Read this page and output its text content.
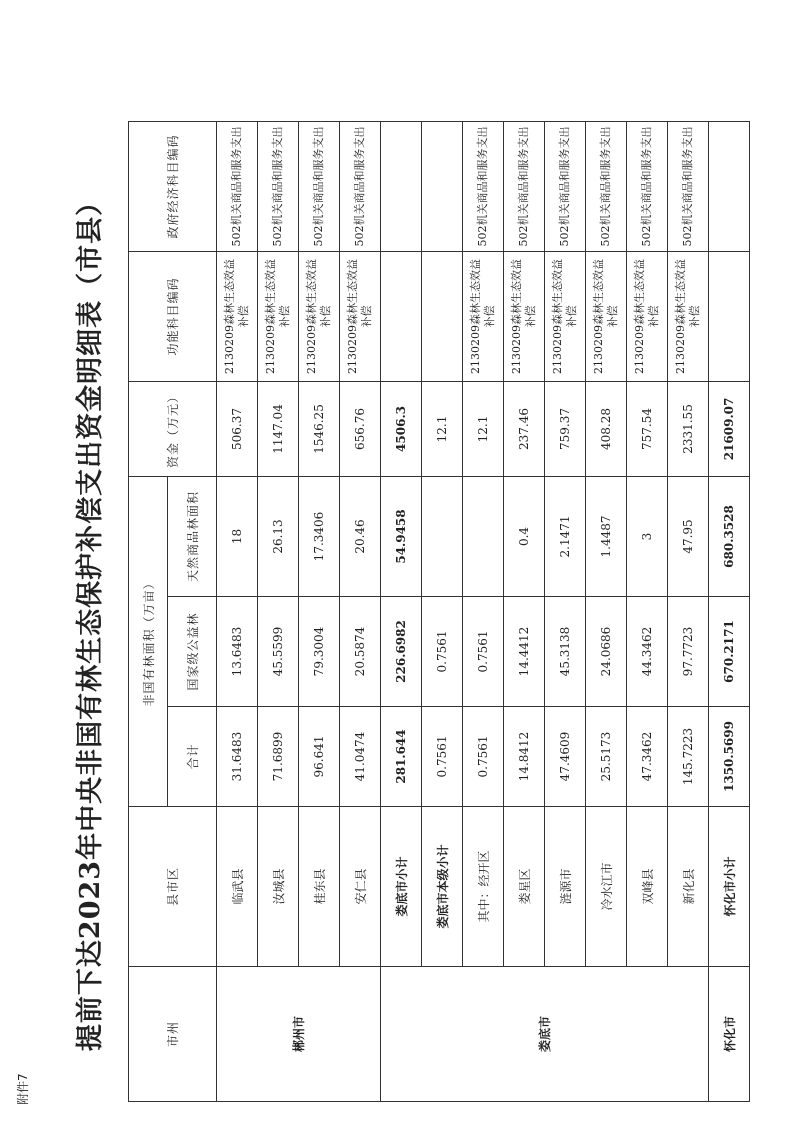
附件7
提前下达2023年中央非国有林生态保护补偿支出资金明细表（市县）	市州	县市区	非国有林面积（万亩）			资金（万元）	功能科目编码	政府经济科目编码
		合计	国家级公益林	天然商品林面积			
郴州市	临武县	31.6483	13.6483	18	506.37	2130209森林生态效益补偿	502机关商品和服务支出
	汝城县	71.6899	45.5599	26.13	1147.04	2130209森林生态效益补偿	502机关商品和服务支出
	桂东县	96.641	79.3004	17.3406	1546.25	2130209森林生态效益补偿	502机关商品和服务支出
	安仁县	41.0474	20.5874	20.46	656.76	2130209森林生态效益补偿	502机关商品和服务支出
娄底市	娄底市小计	281.644	226.6982	54.9458	4506.3		
	娄底市本级小计	0.7561	0.7561		12.1		
	其中：经开区	0.7561	0.7561		12.1	2130209森林生态效益补偿	502机关商品和服务支出
	娄星区	14.8412	14.4412	0.4	237.46	2130209森林生态效益补偿	502机关商品和服务支出
	涟源市	47.4609	45.3138	2.1471	759.37	2130209森林生态效益补偿	502机关商品和服务支出
	冷水江市	25.5173	24.0686	1.4487	408.28	2130209森林生态效益补偿	502机关商品和服务支出
	双峰县	47.3462	44.3462	3	757.54	2130209森林生态效益补偿	502机关商品和服务支出
	新化县	145.7223	97.7723	47.95	2331.55	2130209森林生态效益补偿	502机关商品和服务支出
怀化市	怀化市小计	1350.5699	670.2171	680.3528	21609.07		
